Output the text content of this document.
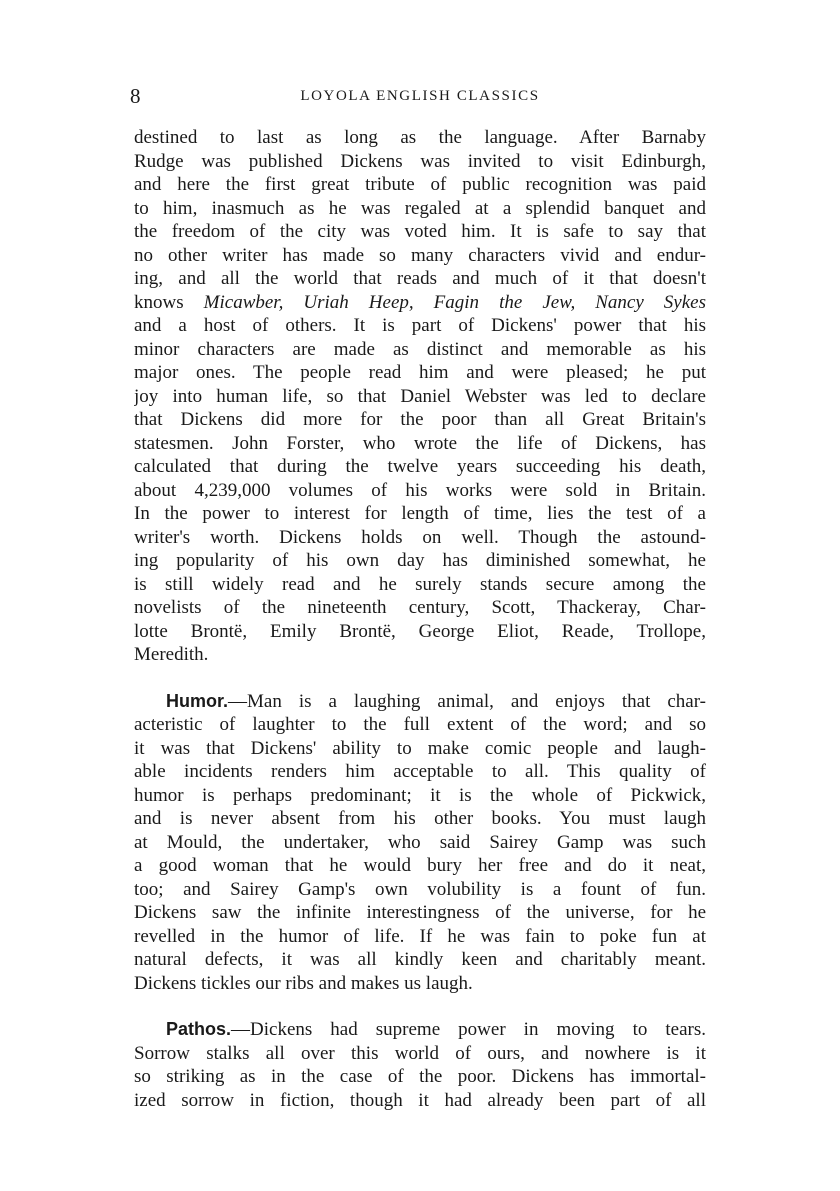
8	LOYOLA ENGLISH CLASSICS
destined to last as long as the language. After Barnaby
Rudge was published Dickens was invited to visit Edinburgh,
and here the first great tribute of public recognition was paid
to him, inasmuch as he was regaled at a splendid banquet and
the freedom of the city was voted him. It is safe to say that
no other writer has made so many characters vivid and endur-
ing, and all the world that reads and much of it that doesn't
knows Micawber, Uriah Heep, Fagin the Jew, Nancy Sykes
and a host of others. It is part of Dickens' power that his
minor characters are made as distinct and memorable as his
major ones. The people read him and were pleased; he put
joy into human life, so that Daniel Webster was led to declare
that Dickens did more for the poor than all Great Britain's
statesmen. John Forster, who wrote the life of Dickens, has
calculated that during the twelve years succeeding his death,
about 4,239,000 volumes of his works were sold in Britain.
In the power to interest for length of time, lies the test of a
writer's worth. Dickens holds on well. Though the astound-
ing popularity of his own day has diminished somewhat, he
is still widely read and he surely stands secure among the
novelists of the nineteenth century, Scott, Thackeray, Char-
lotte Brontë, Emily Brontë, George Eliot, Reade, Trollope,
Meredith.
Humor.—Man is a laughing animal, and enjoys that char-
acteristic of laughter to the full extent of the word; and so
it was that Dickens' ability to make comic people and laugh-
able incidents renders him acceptable to all. This quality of
humor is perhaps predominant; it is the whole of Pickwick,
and is never absent from his other books. You must laugh
at Mould, the undertaker, who said Sairey Gamp was such
a good woman that he would bury her free and do it neat,
too; and Sairey Gamp's own volubility is a fount of fun.
Dickens saw the infinite interestingness of the universe, for he
revelled in the humor of life. If he was fain to poke fun at
natural defects, it was all kindly keen and charitably meant.
Dickens tickles our ribs and makes us laugh.
Pathos.—Dickens had supreme power in moving to tears.
Sorrow stalks all over this world of ours, and nowhere is it
so striking as in the case of the poor. Dickens has immortal-
ized sorrow in fiction, though it had already been part of all
